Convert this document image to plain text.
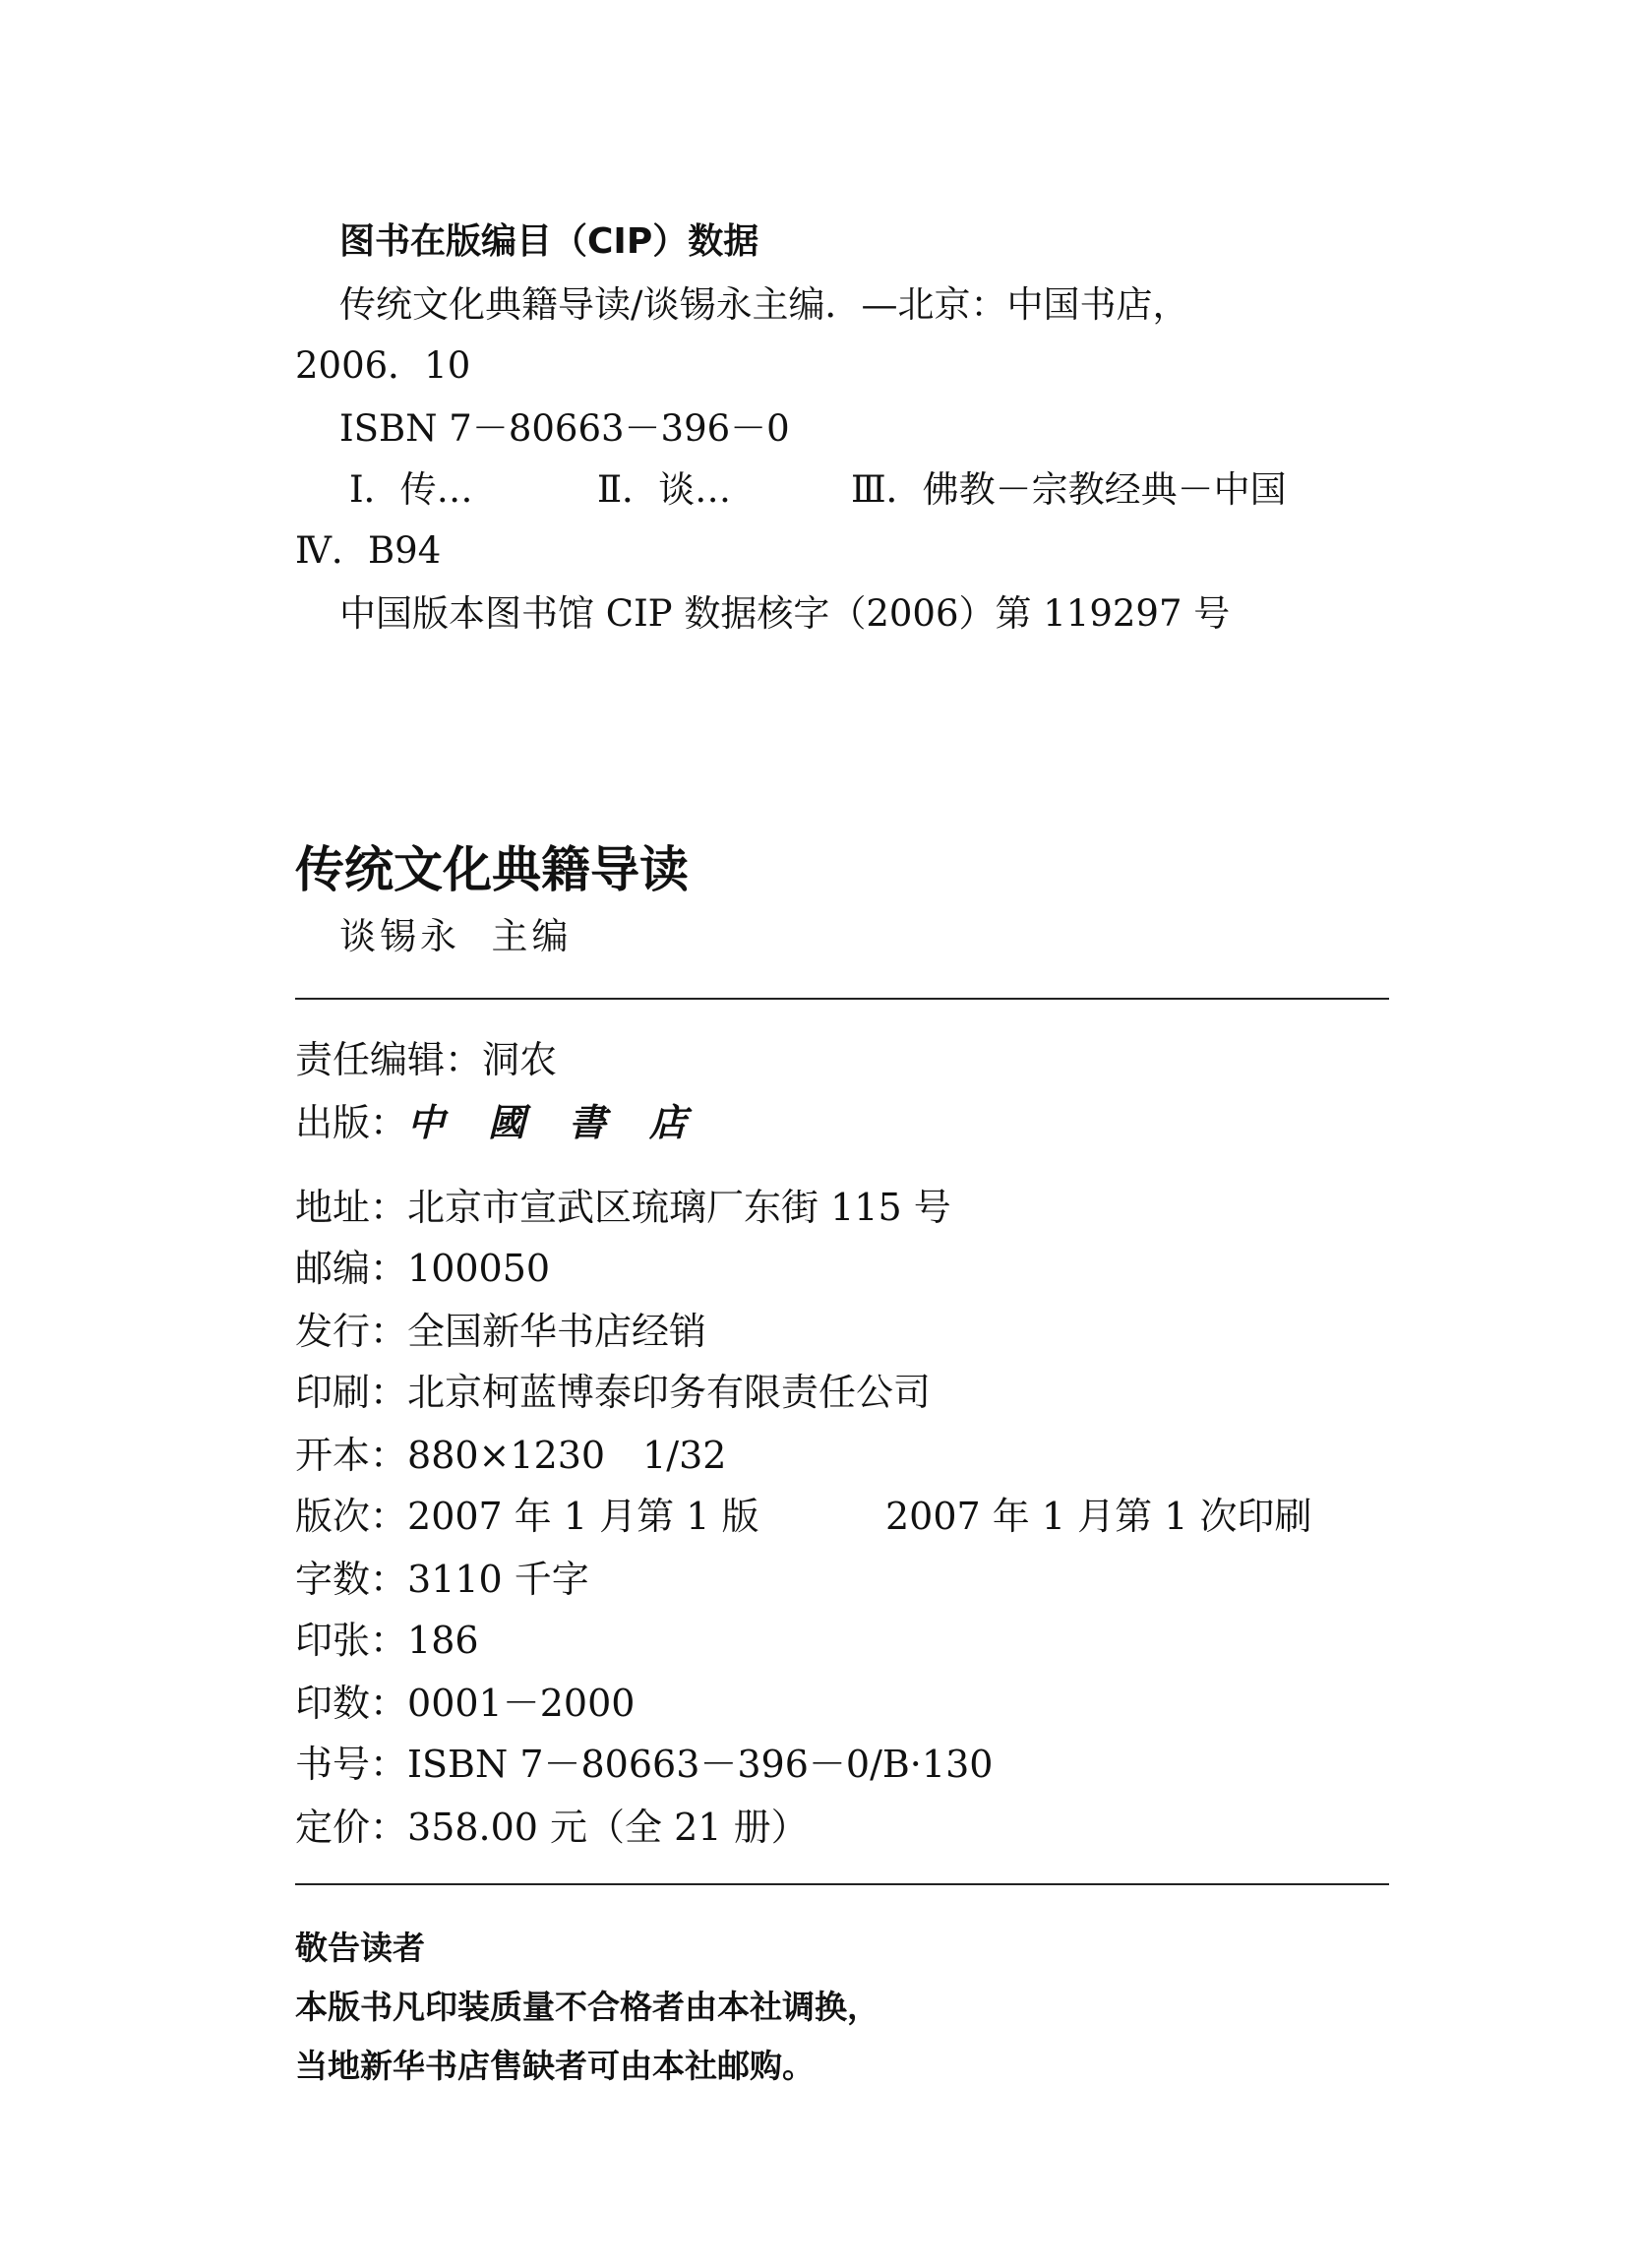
图书在版编目（CIP）数据
传统文化典籍导读/谈锡永主编．—北京：中国书店，
2006．10
ISBN 7－80663－396－0
Ⅰ．传…	Ⅱ．谈…	Ⅲ．佛教－宗教经典－中国
Ⅳ．B94
中国版本图书馆 CIP 数据核字（2006）第 119297 号
传统文化典籍导读
谈锡永  主编
责任编辑：洞农
出版：中國書店
地址：北京市宣武区琉璃厂东街 115 号
邮编：100050
发行：全国新华书店经销
印刷：北京柯蓝博泰印务有限责任公司
开本：880×1230　1/32
版次：2007 年 1 月第 1 版	2007 年 1 月第 1 次印刷
字数：3110 千字
印张：186
印数：0001－2000
书号：ISBN 7－80663－396－0/B·130
定价：358.00 元（全 21 册）
敬告读者
本版书凡印装质量不合格者由本社调换，
当地新华书店售缺者可由本社邮购。
